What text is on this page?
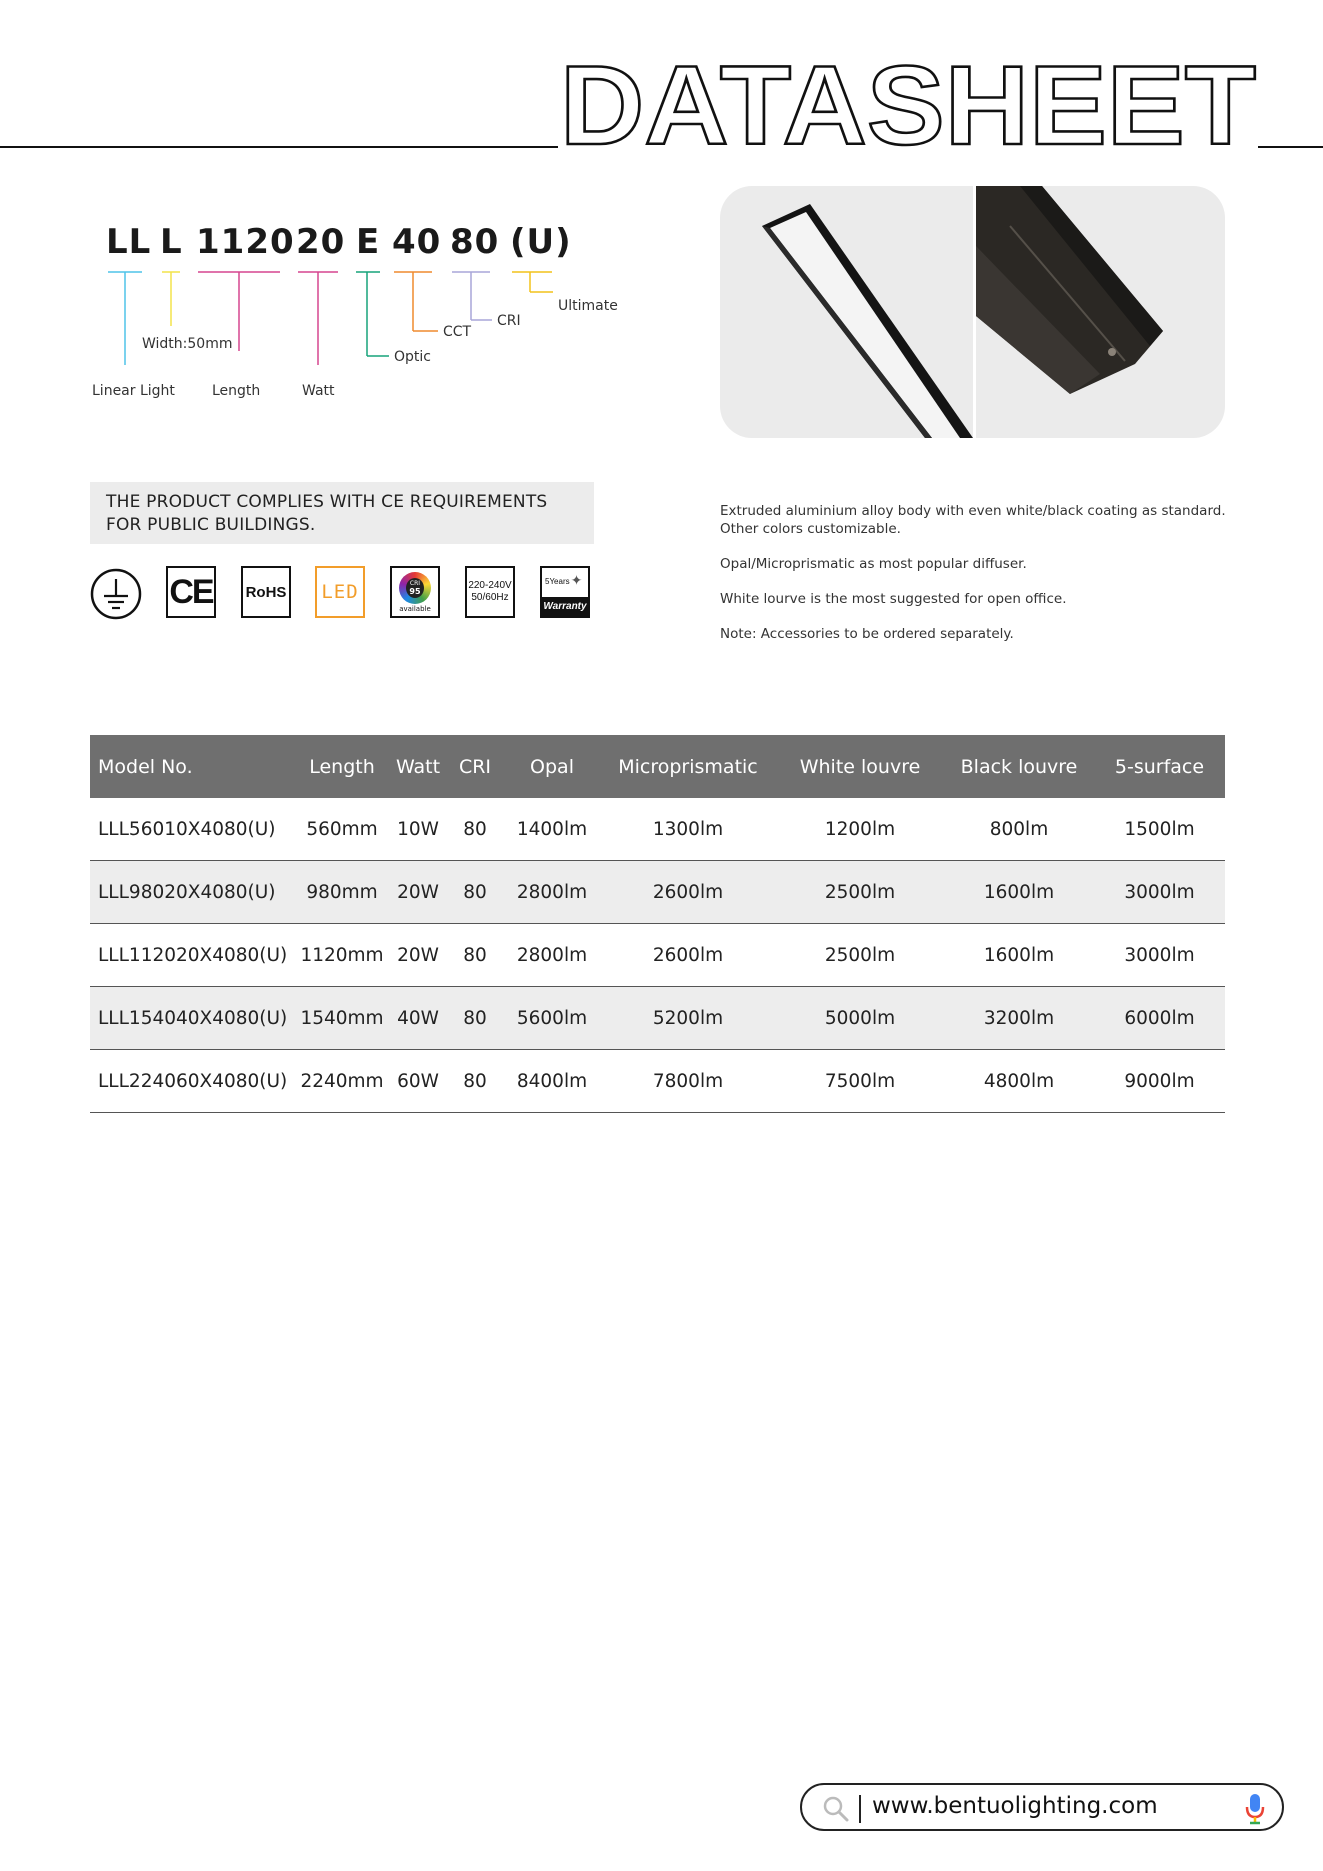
DATASHEET
LL L 1120 20 E 40 80 (U)
Linear Light
Width:50mm
Length	Watt
Optic
CCT
CRI
Ultimate
THE PRODUCT COMPLIES WITH CE REQUIREMENTS
FOR PUBLIC BUILDINGS.
CE RoHS LED	CRI
95
available
220-240V
50/60Hz
5Years ✦
Warranty
Extruded aluminium alloy body with even white/black coating as standard. Other colors customizable.
Opal/Microprismatic as most popular diffuser.
White lourve is the most suggested for open office.
Note: Accessories to be ordered separately.
Model No.	Length	Watt	CRI	Opal	Microprismatic	White louvre	Black louvre	5-surface
LLL56010X4080(U)	560mm	10W	80	1400lm	1300lm	1200lm	800lm	1500lm
LLL98020X4080(U)	980mm	20W	80	2800lm	2600lm	2500lm	1600lm	3000lm
LLL112020X4080(U)	1120mm	20W	80	2800lm	2600lm	2500lm	1600lm	3000lm
LLL154040X4080(U)	1540mm	40W	80	5600lm	5200lm	5000lm	3200lm	6000lm
LLL224060X4080(U)	2240mm	60W	80	8400lm	7800lm	7500lm	4800lm	9000lm
www.bentuolighting.com
